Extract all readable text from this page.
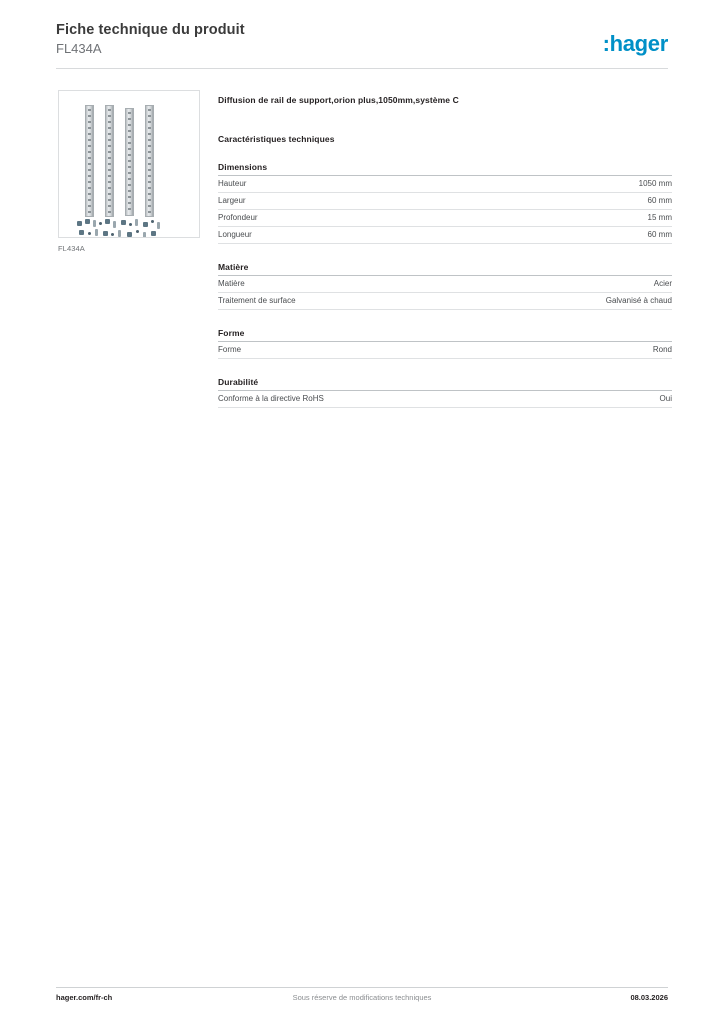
Fiche technique du produit
FL434A	:hager
FL434A
Diffusion de rail de support,orion plus,1050mm,système C
Caractéristiques techniques
Dimensions
Hauteur	1050 mm
Largeur	60 mm
Profondeur	15 mm
Longueur	60 mm
Matière
Matière	Acier
Traitement de surface	Galvanisé à chaud
Forme
Forme	Rond
Durabilité
Conforme à la directive RoHS	Oui
hager.com/fr-ch	Sous réserve de modifications techniques	08.03.2026
